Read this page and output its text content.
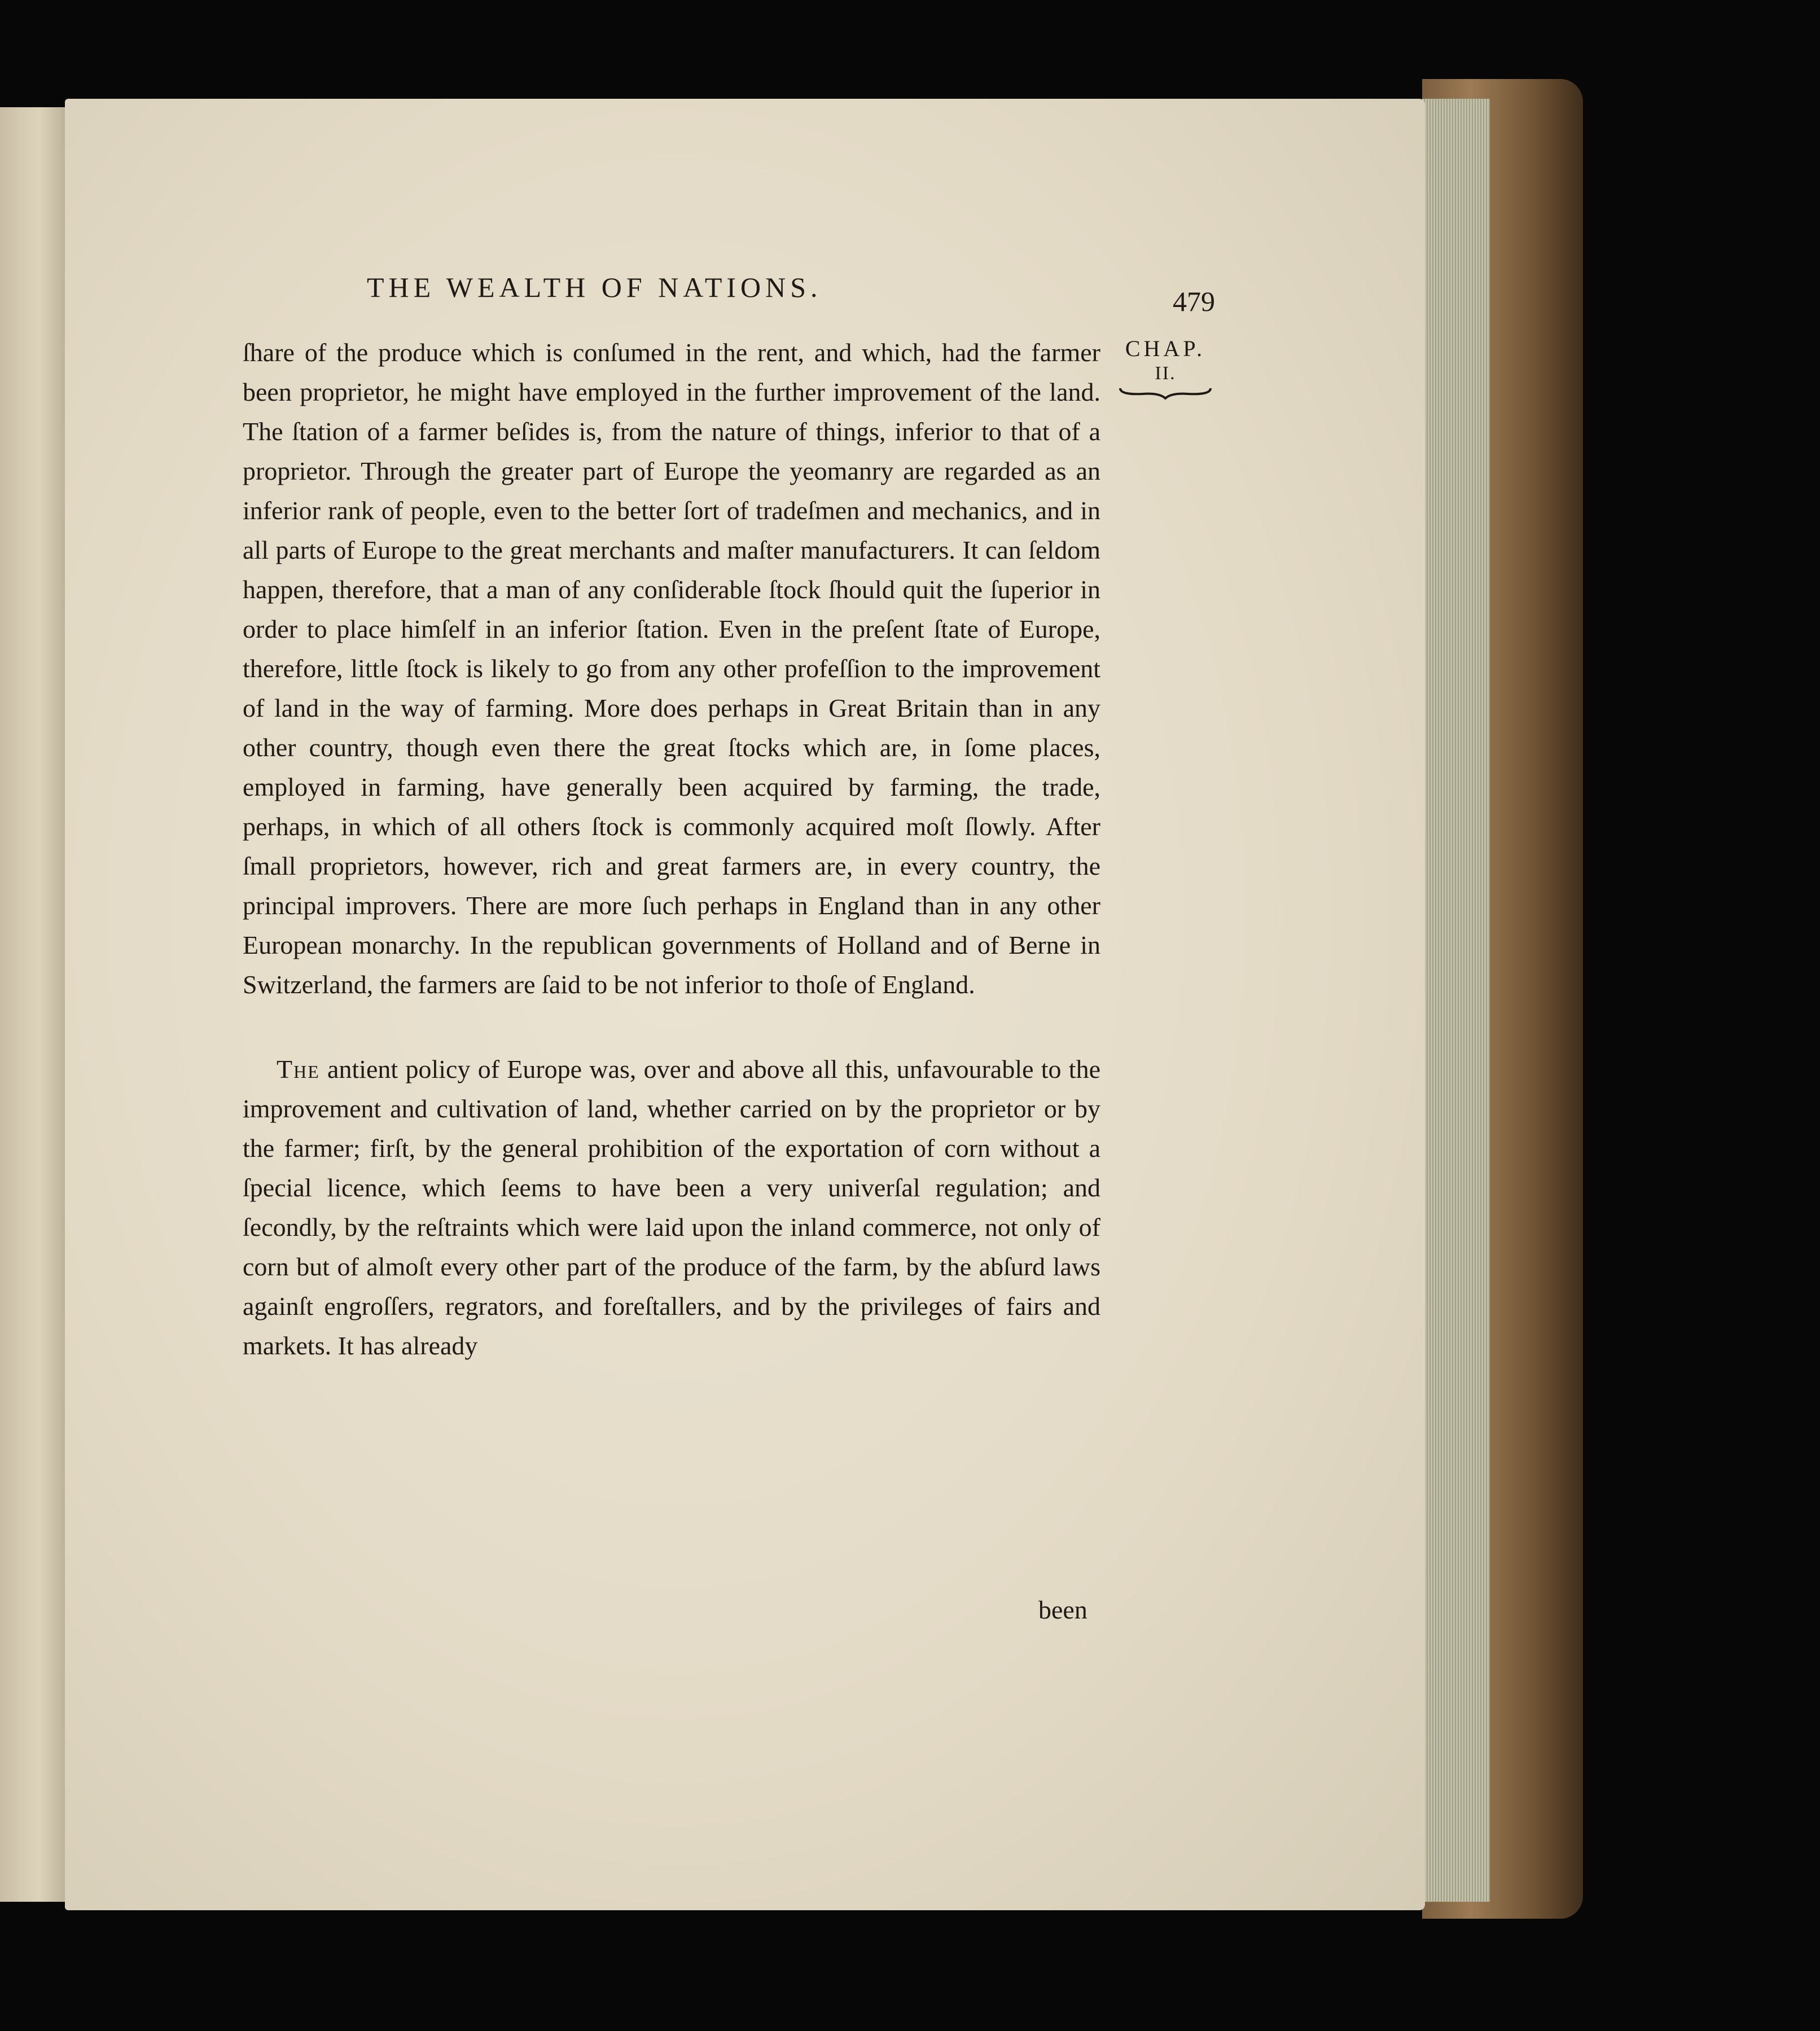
THE WEALTH OF NATIONS.	479
CHAP.
II.

ſhare of the produce which is conſumed in the rent, and which, had the farmer been proprietor, he might have employed in the further improvement of the land. The ſtation of a farmer beſides is, from the nature of things, inferior to that of a proprietor. Through the greater part of Europe the yeomanry are regarded as an inferior rank of people, even to the better ſort of tradeſmen and mechanics, and in all parts of Europe to the great merchants and maſter manufacturers. It can ſeldom happen, therefore, that a man of any conſiderable ſtock ſhould quit the ſuperior in order to place himſelf in an inferior ſtation. Even in the preſent ſtate of Europe, therefore, little ſtock is likely to go from any other profeſſion to the improvement of land in the way of farming. More does perhaps in Great Britain than in any other country, though even there the great ſtocks which are, in ſome places, employed in farming, have generally been acquired by farming, the trade, perhaps, in which of all others ſtock is commonly acquired moſt ſlowly. After ſmall proprietors, however, rich and great farmers are, in every country, the principal improvers. There are more ſuch perhaps in England than in any other European monarchy. In the republican governments of Holland and of Berne in Switzerland, the farmers are ſaid to be not inferior to thoſe of England.

The antient policy of Europe was, over and above all this, unfavourable to the improvement and cultivation of land, whether carried on by the proprietor or by the farmer; firſt, by the general prohibition of the exportation of corn without a ſpecial licence, which ſeems to have been a very univerſal regulation; and ſecondly, by the reſtraints which were laid upon the inland commerce, not only of corn but of almoſt every other part of the produce of the farm, by the abſurd laws againſt engroſſers, regrators, and foreſtallers, and by the privileges of fairs and markets. It has already

been
